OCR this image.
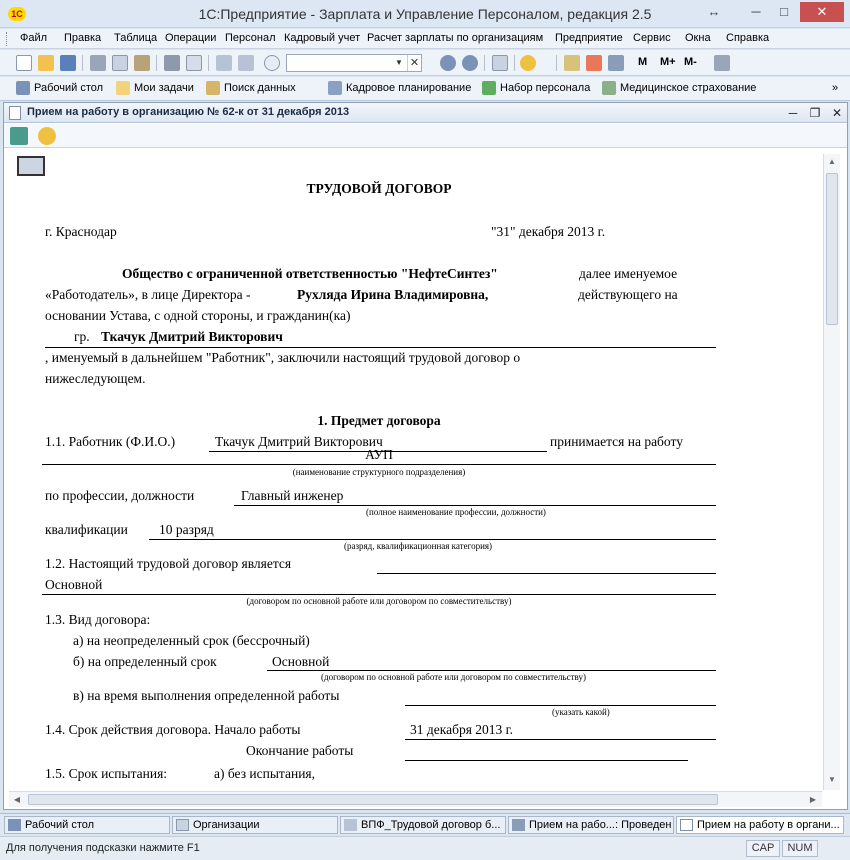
1С	1С:Предприятие - Зарплата и Управление Персоналом, редакция 2.5	↔	─	□	✕
Файл Правка Таблица Операции Персонал Кадровый учет Расчет зарплаты по организациям Предприятие Сервис Окна Справка
▼ ✕	M M+ M-
Рабочий стол	Мои задачи	Поиск данных	Кадровое планирование	Набор персонала	Медицинское страхование	»
Прием на работу в организацию № 62-к от 31 декабря 2013	─	❐ ✕
ТРУДОВОЙ ДОГОВОР
г. Краснодар	"31" декабря 2013 г.
Общество с ограниченной ответственностью "НефтеСинтез"	далее именуемое
«Работодатель», в лице Директора -	Рухляда Ирина Владимировна,	действующего на
основании Устава, с одной стороны, и гражданин(ка)
гр. Ткачук Дмитрий Викторович
, именуемый в дальнейшем "Работник", заключили настоящий трудовой договор о
нижеследующем.
1. Предмет договора
1.1. Работник (Ф.И.О.)	Ткачук Дмитрий Викторович	принимается на работу
АУП
(наименование структурного подразделения)
по профессии, должности	Главный инженер
(полное наименование профессии, должности)
квалификации 10 разряд
(разряд, квалификационная категория)
1.2. Настоящий трудовой договор является
Основной
(договором по основной работе или договором по совместительству)
1.3. Вид договора:
а) на неопределенный срок (бессрочный)
б) на определенный срок	Основной
(договором по основной работе или договором по совместительству)
в) на время выполнения определенной работы
(указать какой)
1.4. Срок действия договора. Начало работы	31 декабря 2013 г.
Окончание работы
1.5. Срок испытания:	а) без испытания,
▲
▼
◀	▶
Рабочий стол	Организации	ВПФ_Трудовой договор б...	Прием на рабо...: Проведен	Прием на работу в органи...
Для получения подсказки нажмите F1	CAP	NUM
